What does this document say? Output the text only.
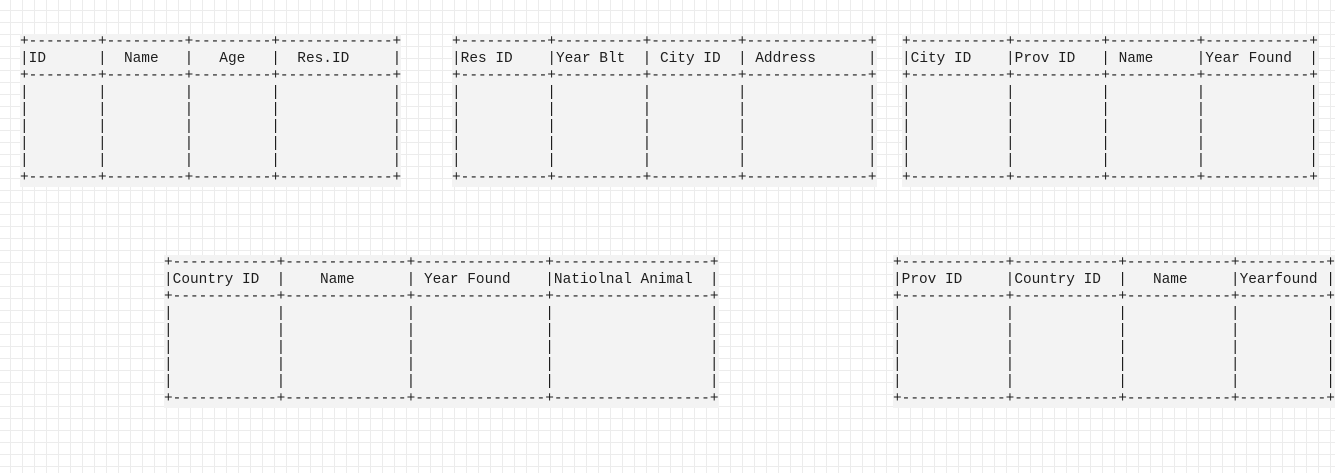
+--------+---------+---------+-------------+
|ID      |  Name   |   Age   |  Res.ID     |
+--------+---------+---------+-------------+
|        |         |         |             |
|        |         |         |             |
|        |         |         |             |
|        |         |         |             |
|        |         |         |             |
+--------+---------+---------+-------------+
+----------+----------+----------+--------------+
|Res ID    |Year Blt  | City ID  | Address      |
+----------+----------+----------+--------------+
|          |          |          |              |
|          |          |          |              |
|          |          |          |              |
|          |          |          |              |
|          |          |          |              |
+----------+----------+----------+--------------+
+-----------+----------+----------+------------+
|City ID    |Prov ID   | Name     |Year Found  |
+-----------+----------+----------+------------+
|           |          |          |            |
|           |          |          |            |
|           |          |          |            |
|           |          |          |            |
|           |          |          |            |
+-----------+----------+----------+------------+
+------------+--------------+---------------+------------------+
|Country ID  |    Name      | Year Found    |Natiolnal Animal  |
+------------+--------------+---------------+------------------+
|            |              |               |                  |
|            |              |               |                  |
|            |              |               |                  |
|            |              |               |                  |
|            |              |               |                  |
+------------+--------------+---------------+------------------+
+------------+------------+------------+----------+
|Prov ID     |Country ID  |   Name     |Yearfound |
+------------+------------+------------+----------+
|            |            |            |          |
|            |            |            |          |
|            |            |            |          |
|            |            |            |          |
|            |            |            |          |
+------------+------------+------------+----------+
